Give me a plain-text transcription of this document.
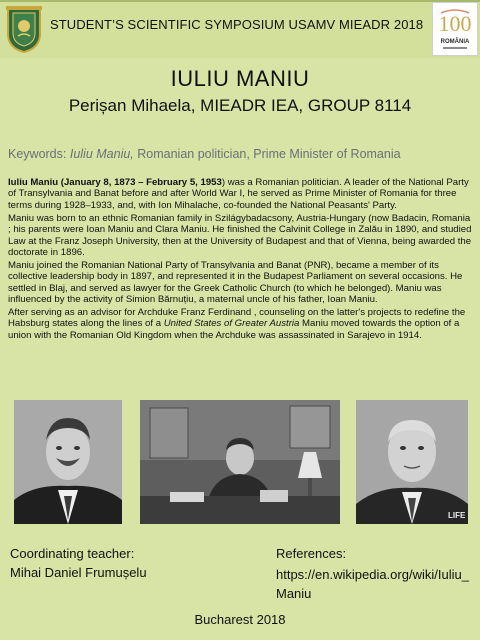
STUDENT’S SCIENTIFIC SYMPOSIUM USAMV MIEADR 2018 100
ROMÂNIA
IULIU MANIU
Perișan Mihaela, MIEADR IEA, GROUP 8114
Keywords: Iuliu Maniu, Romanian politician, Prime Minister of Romania

Iuliu Maniu (January 8, 1873 – February 5, 1953) was a Romanian politician. A leader of the National Party of Transylvania and Banat before and after World War I, he served as Prime Minister of Romania for three terms during 1928–1933, and, with Ion Mihalache, co-founded the National Peasants' Party.

Maniu was born to an ethnic Romanian family in Szilágybadacsony, Austria-Hungary (now Badacin, Romania ; his parents were Ioan Maniu and Clara Maniu. He finished the Calvinit College in Zalău in 1890, and studied Law at the Franz Joseph University, then at the University of Budapest and that of Vienna, being awarded the doctorate in 1896.

Maniu joined the Romanian National Party of Transylvania and Banat (PNR), became a member of its collective leadership body in 1897, and represented it in the Budapest Parliament on several occasions. He settled in Blaj, and served as lawyer for the Greek Catholic Church (to which he belonged). Maniu was influenced by the activity of Simion Bărnuțiu, a maternal uncle of his father, Ioan Maniu.

After serving as an advisor for Archduke Franz Ferdinand , counseling on the latter's projects to redefine the Habsburg states along the lines of a United States of Greater Austria Maniu moved towards the option of a union with the Romanian Old Kingdom when the Archduke was assassinated in Sarajevo in 1914.

LIFE
Coordinating teacher:
Mihai Daniel Frumușelu
References:
https://en.wikipedia.org/wiki/Iuliu_Maniu
Bucharest 2018
